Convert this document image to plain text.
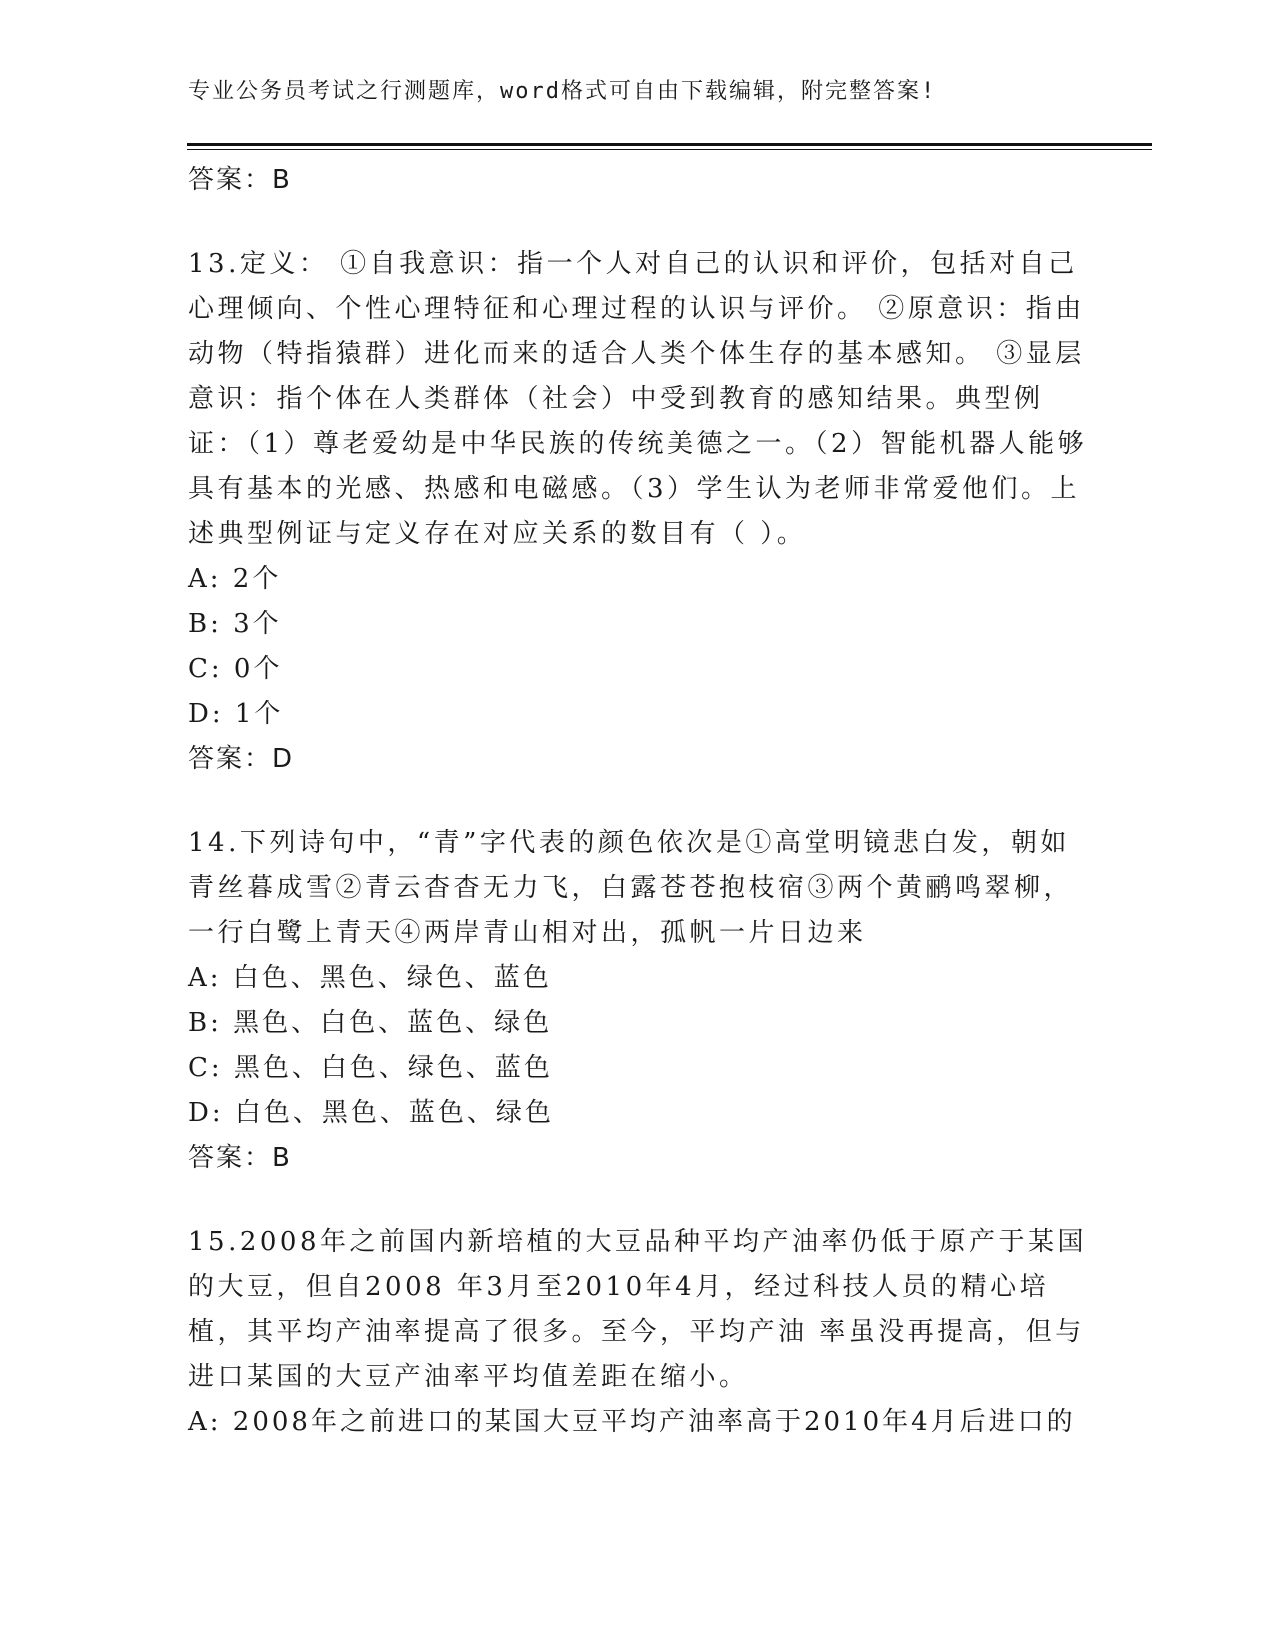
专业公务员考试之行测题库，word格式可自由下载编辑，附完整答案!
答案：B
13.定义： ①自我意识：指一个人对自己的认识和评价，包括对自己心理倾向、个性心理特征和心理过程的认识与评价。 ②原意识：指由动物（特指猿群）进化而来的适合人类个体生存的基本感知。 ③显层意识：指个体在人类群体（社会）中受到教育的感知结果。典型例证：（1）尊老爱幼是中华民族的传统美德之一。（2）智能机器人能够具有基本的光感、热感和电磁感。（3）学生认为老师非常爱他们。上述典型例证与定义存在对应关系的数目有（ ）。
A: 2个
B: 3个
C: 0个
D: 1个
答案：D
14.下列诗句中，“青”字代表的颜色依次是①高堂明镜悲白发，朝如青丝暮成雪②青云杳杳无力飞，白露苍苍抱枝宿③两个黄鹂鸣翠柳，一行白鹭上青天④两岸青山相对出，孤帆一片日边来
A: 白色、黑色、绿色、蓝色
B: 黑色、白色、蓝色、绿色
C: 黑色、白色、绿色、蓝色
D: 白色、黑色、蓝色、绿色
答案：B
15.2008年之前国内新培植的大豆品种平均产油率仍低于原产于某国的大豆，但自2008 年3月至2010年4月，经过科技人员的精心培植，其平均产油率提高了很多。至今，平均产油 率虽没再提高，但与进口某国的大豆产油率平均值差距在缩小。
A: 2008年之前进口的某国大豆平均产油率高于2010年4月后进口的
